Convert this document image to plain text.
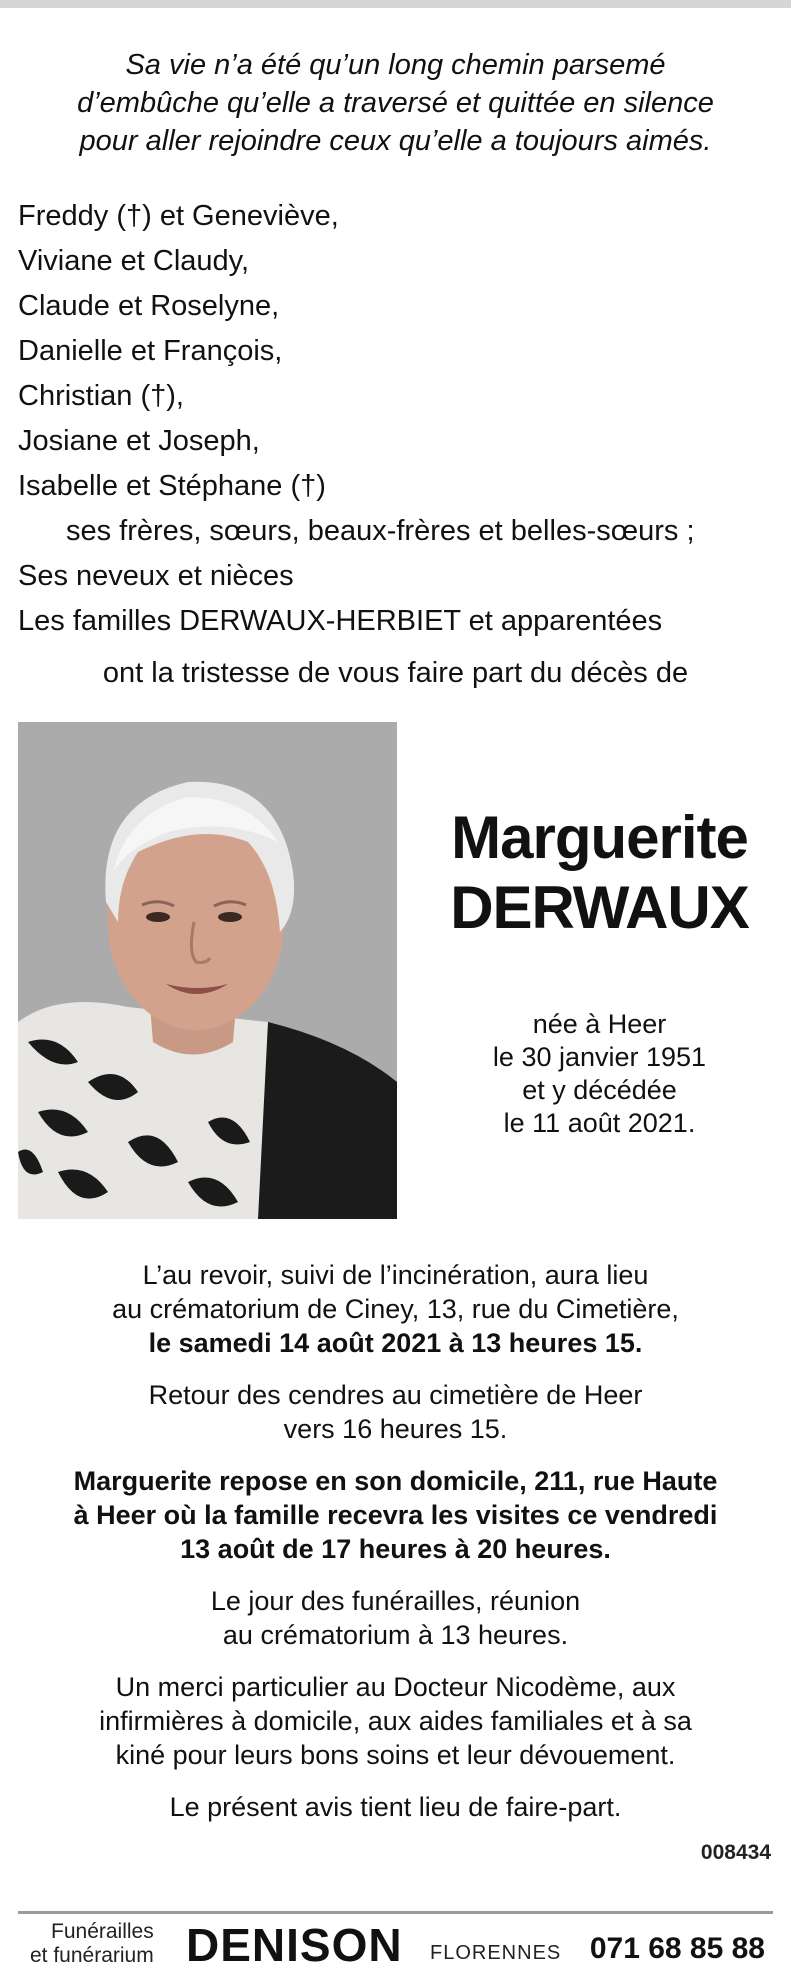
Sa vie n’a été qu’un long chemin parsemé
d’embûche qu’elle a traversé et quittée en silence
pour aller rejoindre ceux qu’elle a toujours aimés.
Freddy (†) et Geneviève,
Viviane et Claudy,
Claude et Roselyne,
Danielle et François,
Christian (†),
Josiane et Joseph,
Isabelle et Stéphane (†)
ses frères, sœurs, beaux-frères et belles-sœurs ;
Ses neveux et nièces
Les familles DERWAUX-HERBIET et apparentées
ont la tristesse de vous faire part du décès de
Marguerite
DERWAUX
née à Heer
le 30 janvier 1951
et y décédée
le 11 août 2021.
L’au revoir, suivi de l’incinération, aura lieu
au crématorium de Ciney, 13, rue du Cimetière,
le samedi 14 août 2021 à 13 heures 15.
Retour des cendres au cimetière de Heer
vers 16 heures 15.
Marguerite repose en son domicile, 211, rue Haute
à Heer où la famille recevra les visites ce vendredi
13 août de 17 heures à 20 heures.
Le jour des funérailles, réunion
au crématorium à 13 heures.
Un merci particulier au Docteur Nicodème, aux
infirmières à domicile, aux aides familiales et à sa
kiné pour leurs bons soins et leur dévouement.
Le présent avis tient lieu de faire-part.
008434
Funérailles
et funérarium DENISON FLORENNES 071 68 85 88
